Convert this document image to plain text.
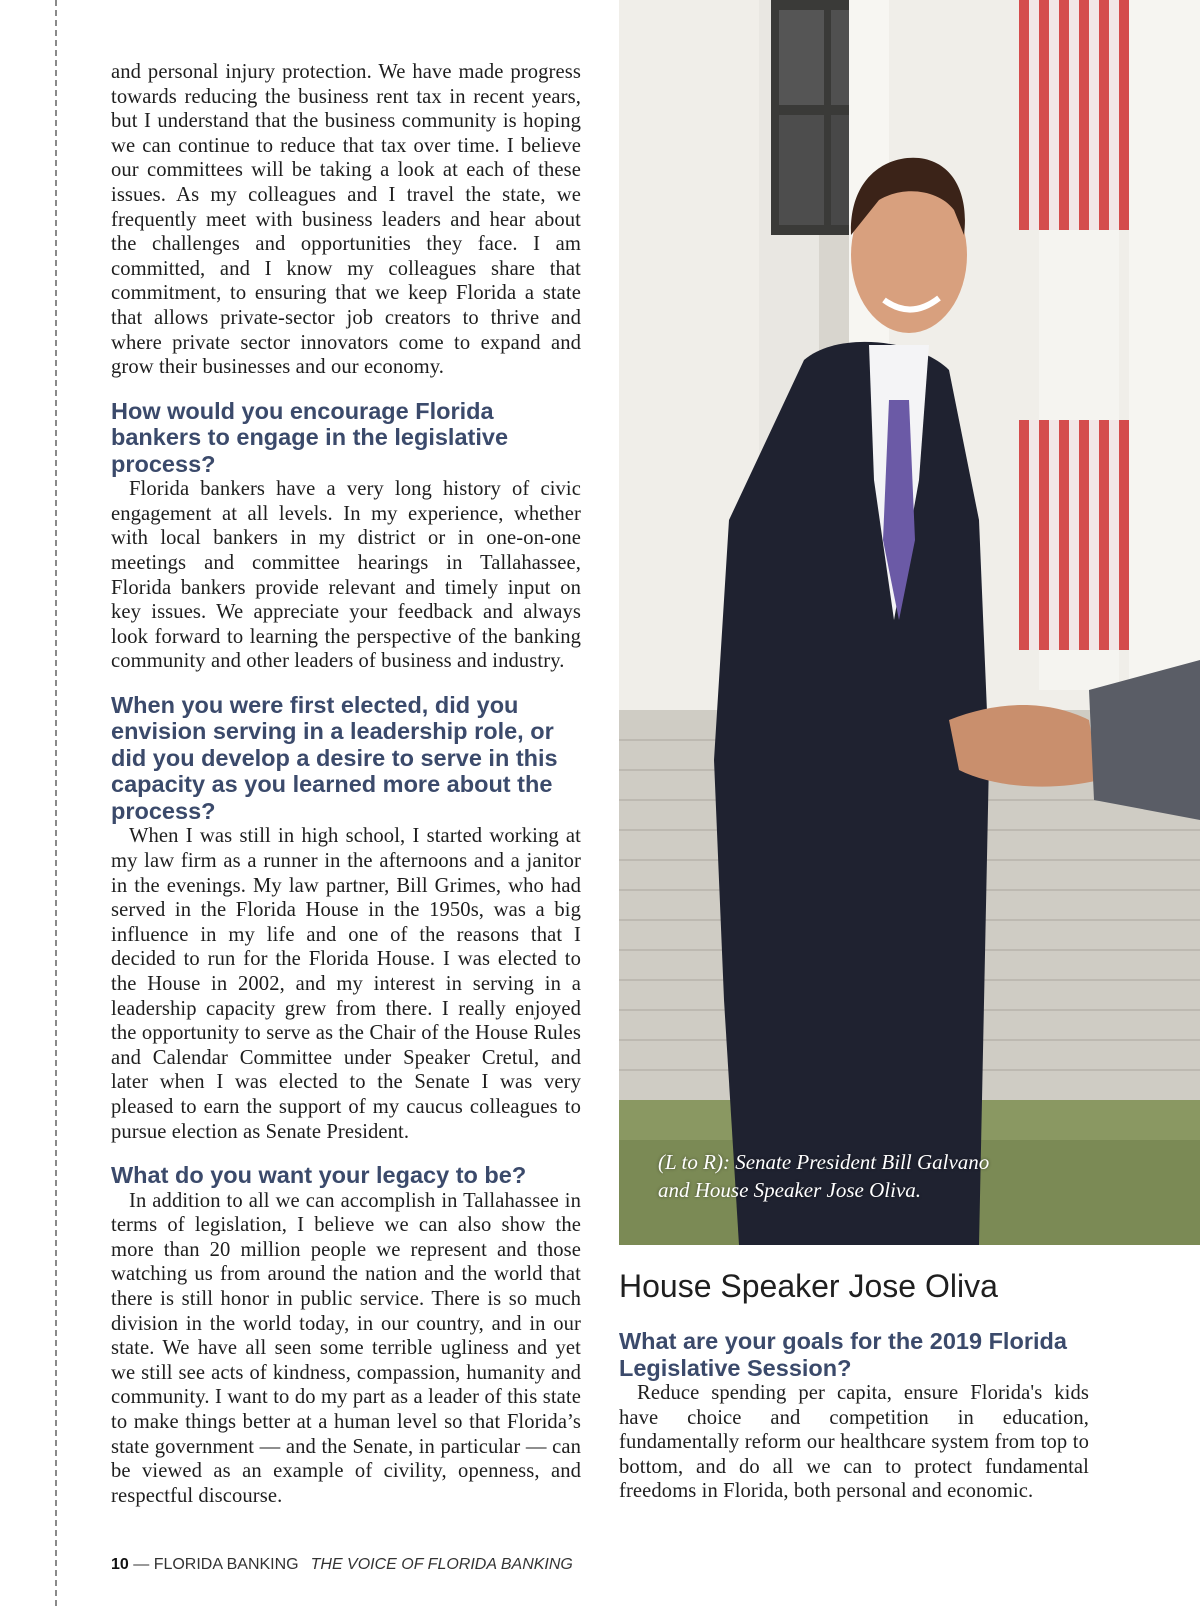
and personal injury protection. We have made progress towards reducing the business rent tax in recent years, but I understand that the business community is hoping we can continue to reduce that tax over time. I believe our committees will be taking a look at each of these issues. As my colleagues and I travel the state, we frequently meet with business leaders and hear about the challenges and opportunities they face. I am committed, and I know my colleagues share that commitment, to ensuring that we keep Florida a state that allows private-sector job creators to thrive and where private sector innovators come to expand and grow their businesses and our economy.

How would you encourage Florida bankers to engage in the legislative process?

Florida bankers have a very long history of civic engagement at all levels. In my experience, whether with local bankers in my district or in one-on-one meetings and committee hearings in Tallahassee, Florida bankers provide relevant and timely input on key issues. We appreciate your feedback and always look forward to learning the perspective of the banking community and other leaders of business and industry.

When you were first elected, did you envision serving in a leadership role, or did you develop a desire to serve in this capacity as you learned more about the process?

When I was still in high school, I started working at my law firm as a runner in the afternoons and a janitor in the evenings. My law partner, Bill Grimes, who had served in the Florida House in the 1950s, was a big influence in my life and one of the reasons that I decided to run for the Florida House. I was elected to the House in 2002, and my interest in serving in a leadership capacity grew from there. I really enjoyed the opportunity to serve as the Chair of the House Rules and Calendar Committee under Speaker Cretul, and later when I was elected to the Senate I was very pleased to earn the support of my caucus colleagues to pursue election as Senate President.

What do you want your legacy to be?

In addition to all we can accomplish in Tallahassee in terms of legislation, I believe we can also show the more than 20 million people we represent and those watching us from around the nation and the world that there is still honor in public service. There is so much division in the world today, in our country, and in our state. We have all seen some terrible ugliness and yet we still see acts of kindness, compassion, humanity and community. I want to do my part as a leader of this state to make things better at a human level so that Florida’s state government — and the Senate, in particular — can be viewed as an example of civility, openness, and respectful discourse.

(L to R): Senate President Bill Galvano
and House Speaker Jose Oliva.
House Speaker Jose Oliva
What are your goals for the 2019 Florida Legislative Session?

Reduce spending per capita, ensure Florida's kids have choice and competition in education, fundamentally reform our healthcare system from top to bottom, and do all we can to protect fundamental freedoms in Florida, both personal and economic.

10 — FLORIDA BANKING THE VOICE OF FLORIDA BANKING
